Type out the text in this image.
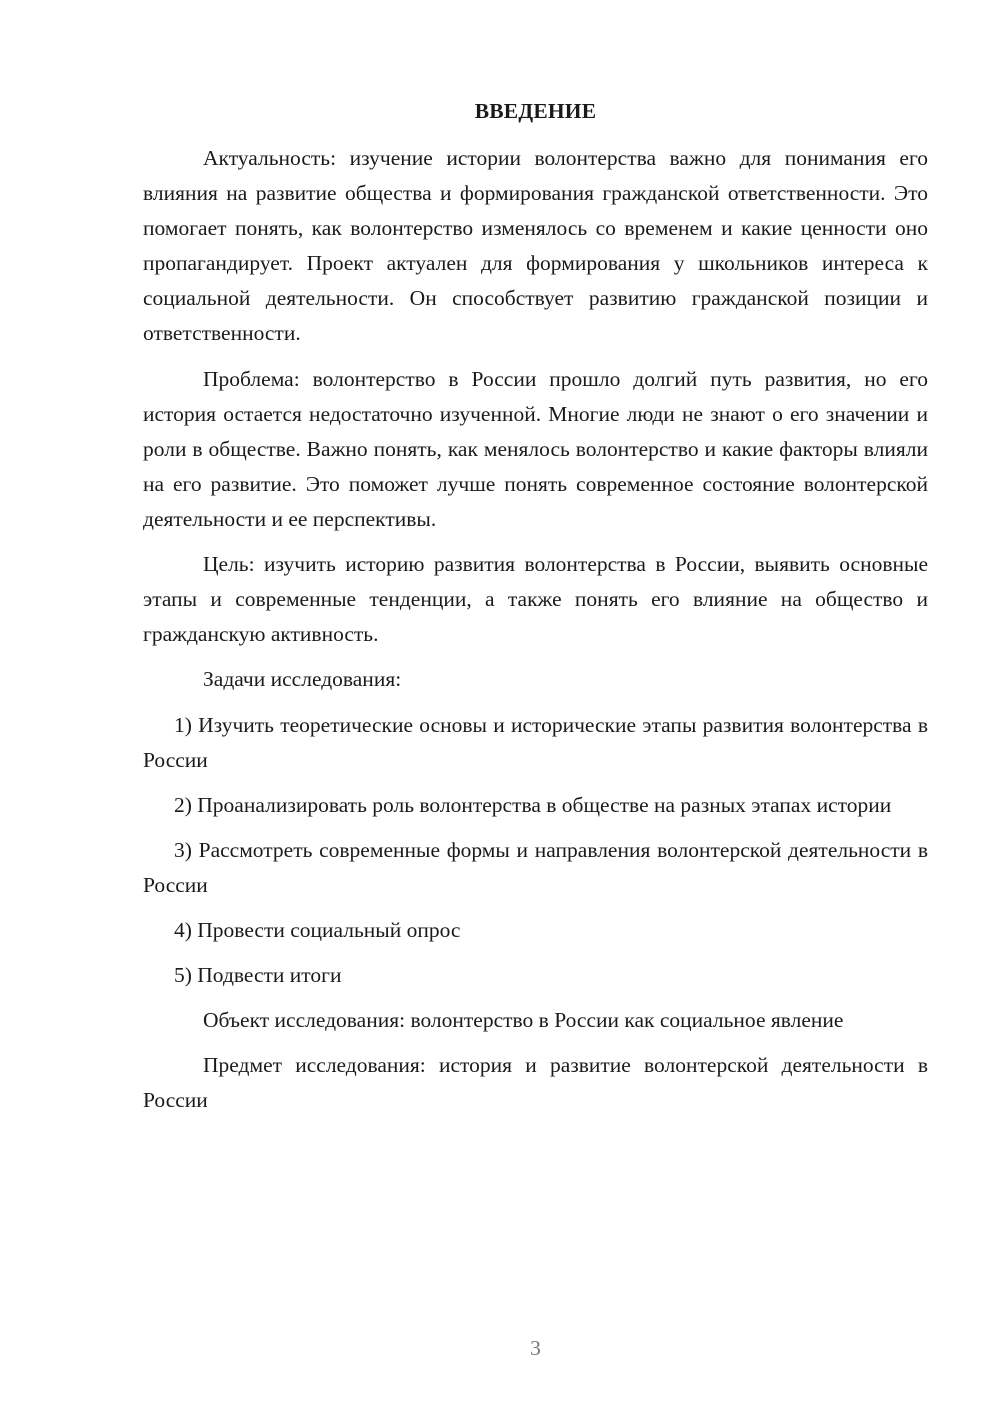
ВВЕДЕНИЕ

Актуальность: изучение истории волонтерства важно для понимания его влияния на развитие общества и формирования гражданской ответственности. Это помогает понять, как волонтерство изменялось со временем и какие ценности оно пропагандирует. Проект актуален для формирования у школьников интереса к социальной деятельности. Он способствует развитию гражданской позиции и ответственности.

Проблема: волонтерство в России прошло долгий путь развития, но его история остается недостаточно изученной. Многие люди не знают о его значении и роли в обществе. Важно понять, как менялось волонтерство и какие факторы влияли на его развитие. Это поможет лучше понять современное состояние волонтерской деятельности и ее перспективы.

Цель: изучить историю развития волонтерства в России, выявить основные этапы и современные тенденции, а также понять его влияние на общество и гражданскую активность.

Задачи исследования:

1) Изучить теоретические основы и исторические этапы развития волонтерства в России

2) Проанализировать роль волонтерства в обществе на разных этапах истории

3) Рассмотреть современные формы и направления волонтерской деятельности в России

4) Провести социальный опрос

5) Подвести итоги

Объект исследования: волонтерство в России как социальное явление

Предмет исследования: история и развитие волонтерской деятельности в России

3
